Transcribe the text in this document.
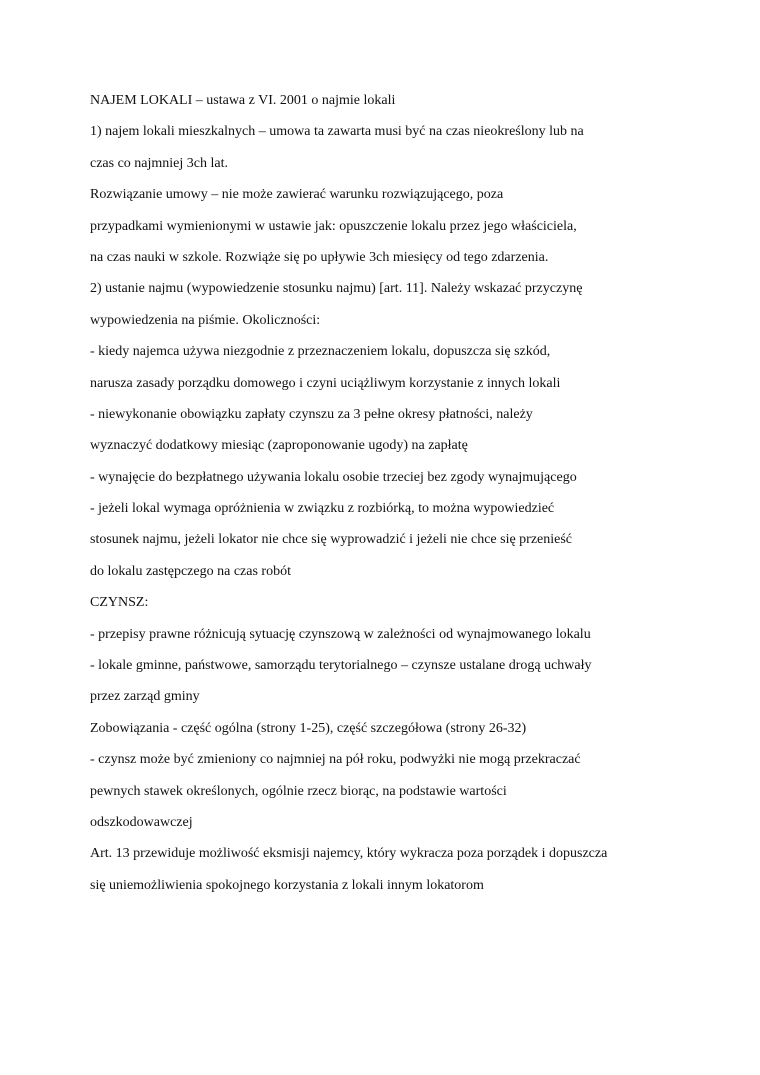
NAJEM LOKALI – ustawa z VI. 2001 o najmie lokali
1) najem lokali mieszkalnych – umowa ta zawarta musi być na czas nieokreślony lub na
czas co najmniej 3ch lat.
Rozwiązanie umowy – nie może zawierać warunku rozwiązującego, poza
przypadkami wymienionymi w ustawie jak: opuszczenie lokalu przez jego właściciela,
na czas nauki w szkole. Rozwiąże się po upływie 3ch miesięcy od tego zdarzenia.
2) ustanie najmu (wypowiedzenie stosunku najmu) [art. 11]. Należy wskazać przyczynę
wypowiedzenia na piśmie. Okoliczności:
- kiedy najemca używa niezgodnie z przeznaczeniem lokalu, dopuszcza się szkód,
narusza zasady porządku domowego i czyni uciążliwym korzystanie z innych lokali
- niewykonanie obowiązku zapłaty czynszu za 3 pełne okresy płatności, należy
wyznaczyć dodatkowy miesiąc (zaproponowanie ugody) na zapłatę
- wynajęcie do bezpłatnego używania lokalu osobie trzeciej bez zgody wynajmującego
- jeżeli lokal wymaga opróżnienia w związku z rozbiórką, to można wypowiedzieć
stosunek najmu, jeżeli lokator nie chce się wyprowadzić i jeżeli nie chce się przenieść
do lokalu zastępczego na czas robót
CZYNSZ:
- przepisy prawne różnicują sytuację czynszową w zależności od wynajmowanego lokalu
- lokale gminne, państwowe, samorządu terytorialnego – czynsze ustalane drogą uchwały
przez zarząd gminy
Zobowiązania - część ogólna (strony 1-25), część szczegółowa (strony 26-32)
- czynsz może być zmieniony co najmniej na pół roku, podwyżki nie mogą przekraczać
pewnych stawek określonych, ogólnie rzecz biorąc, na podstawie wartości
odszkodowawczej
Art. 13 przewiduje możliwość eksmisji najemcy, który wykracza poza porządek i dopuszcza
się uniemożliwienia spokojnego korzystania z lokali innym lokatorom
